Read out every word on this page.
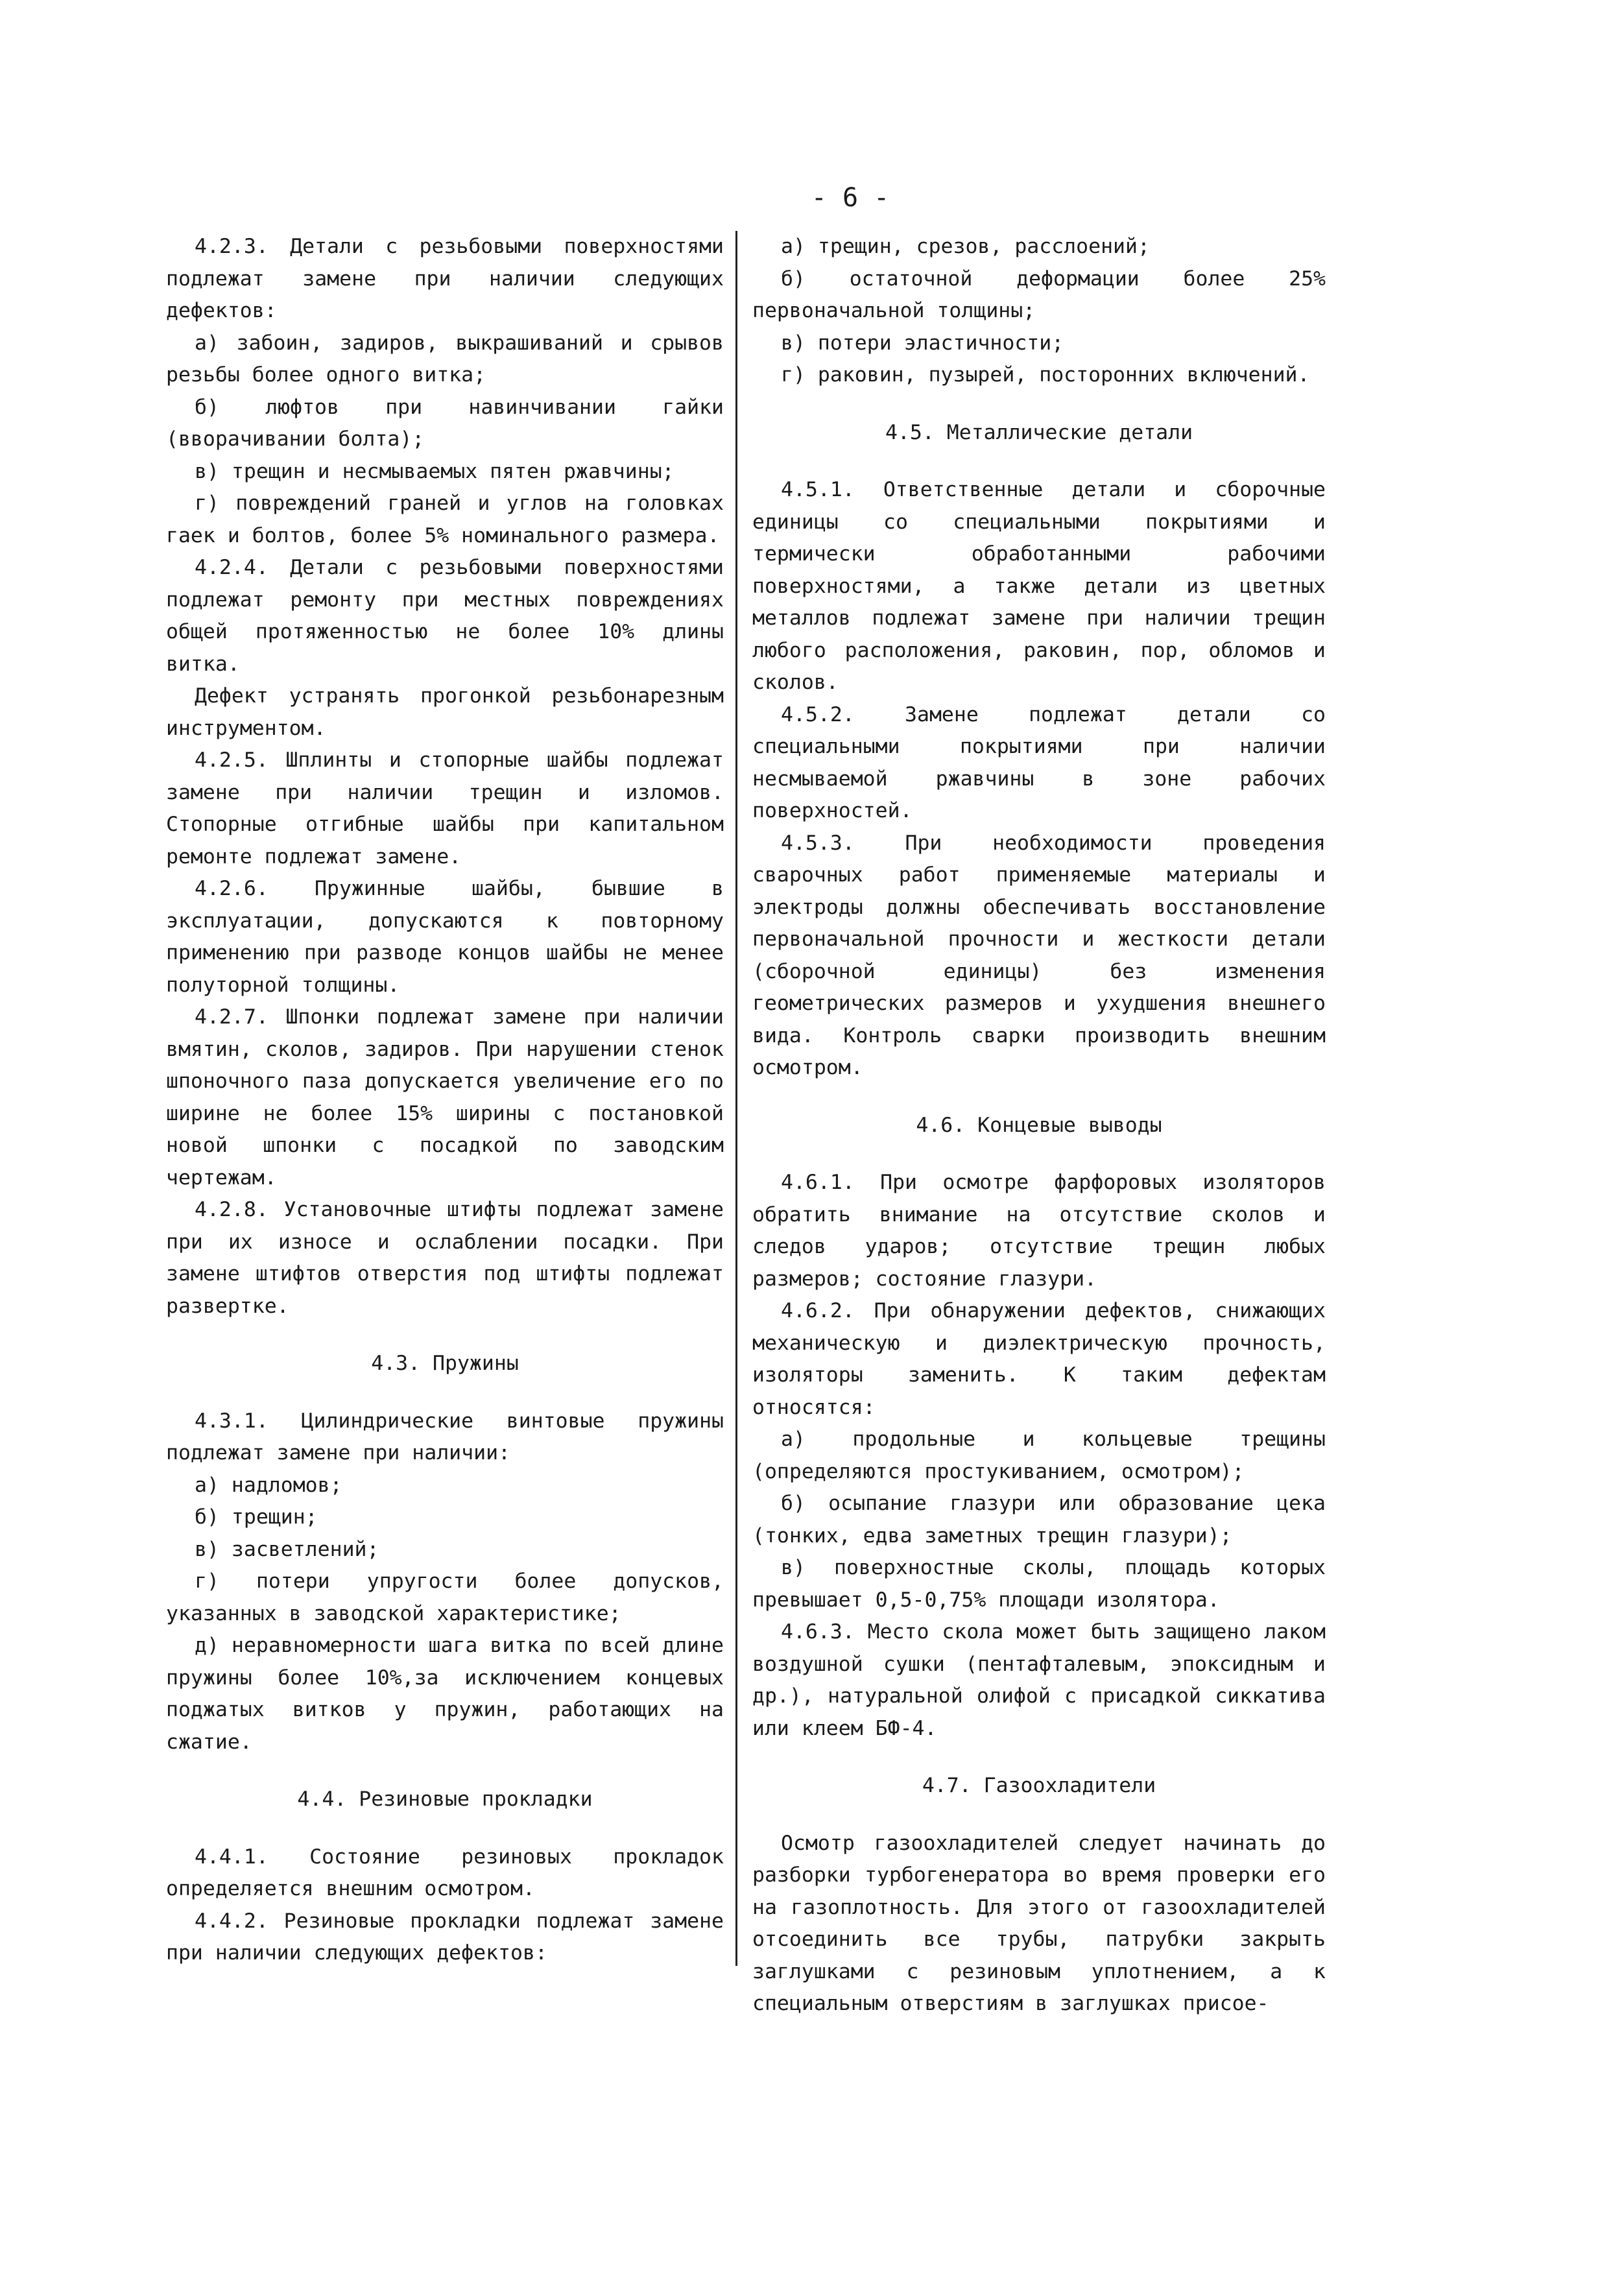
- 6 -

4.2.3. Детали с резьбовыми поверхностями подлежат замене при наличии следующих дефектов:

а) забоин, задиров, выкрашиваний и срывов резьбы более одного витка;

б) люфтов при навинчивании гайки (вворачивании болта);

в) трещин и несмываемых пятен ржавчины;

г) повреждений граней и углов на головках гаек и болтов, более 5% номинального размера.

4.2.4. Детали с резьбовыми поверхностями подлежат ремонту при местных повреждениях общей протяженностью не более 10% длины витка.

Дефект устранять прогонкой резьбонарезным инструментом.

4.2.5. Шплинты и стопорные шайбы подлежат замене при наличии трещин и изломов. Стопорные отгибные шайбы при капитальном ремонте подлежат замене.

4.2.6. Пружинные шайбы, бывшие в эксплуатации, допускаются к повторному применению при разводе концов шайбы не менее полуторной толщины.

4.2.7. Шпонки подлежат замене при наличии вмятин, сколов, задиров. При нарушении стенок шпоночного паза допускается увеличение его по ширине не более 15% ширины с постановкой новой шпонки с посадкой по заводским чертежам.

4.2.8. Установочные штифты подлежат замене при их износе и ослаблении посадки. При замене штифтов отверстия под штифты подлежат развертке.

4.3. Пружины

4.3.1. Цилиндрические винтовые пружины подлежат замене при наличии:

а) надломов;

б) трещин;

в) засветлений;

г) потери упругости более допусков, указанных в заводской характеристике;

д) неравномерности шага витка по всей длине пружины более 10%,за исключением концевых поджатых витков у пружин, работающих на сжатие.

4.4. Резиновые прокладки

4.4.1. Состояние резиновых прокладок определяется внешним осмотром.

4.4.2. Резиновые прокладки подлежат замене при наличии следующих дефектов:

а) трещин, срезов, расслоений;

б) остаточной деформации более 25% первоначальной толщины;

в) потери эластичности;

г) раковин, пузырей, посторонних включений.

4.5. Металлические детали

4.5.1. Ответственные детали и сборочные единицы со специальными покрытиями и термически обработанными рабочими поверхностями, а также детали из цветных металлов подлежат замене при наличии трещин любого расположения, раковин, пор, обломов и сколов.

4.5.2. Замене подлежат детали со специальными покрытиями при наличии несмываемой ржавчины в зоне рабочих поверхностей.

4.5.3. При необходимости проведения сварочных работ применяемые материалы и электроды должны обеспечивать восстановление первоначальной прочности и жесткости детали (сборочной единицы) без изменения геометрических размеров и ухудшения внешнего вида. Контроль сварки производить внешним осмотром.

4.6. Концевые выводы

4.6.1. При осмотре фарфоровых изоляторов обратить внимание на отсутствие сколов и следов ударов; отсутствие трещин любых размеров; состояние глазури.

4.6.2. При обнаружении дефектов, снижающих механическую и диэлектрическую прочность, изоляторы заменить. К таким дефектам относятся:

а) продольные и кольцевые трещины (определяются простукиванием, осмотром);

б) осыпание глазури или образование цека (тонких, едва заметных трещин глазури);

в) поверхностные сколы, площадь которых превышает 0,5-0,75% площади изолятора.

4.6.3. Место скола может быть защищено лаком воздушной сушки (пентафталевым, эпоксидным и др.), натуральной олифой с присадкой сиккатива или клеем БФ-4.

4.7. Газоохладители

Осмотр газоохладителей следует начинать до разборки турбогенератора во время проверки его на газоплотность. Для этого от газоохладителей отсоединить все трубы, патрубки закрыть заглушками с резиновым уплотнением, а к специальным отверстиям в заглушках присое-
